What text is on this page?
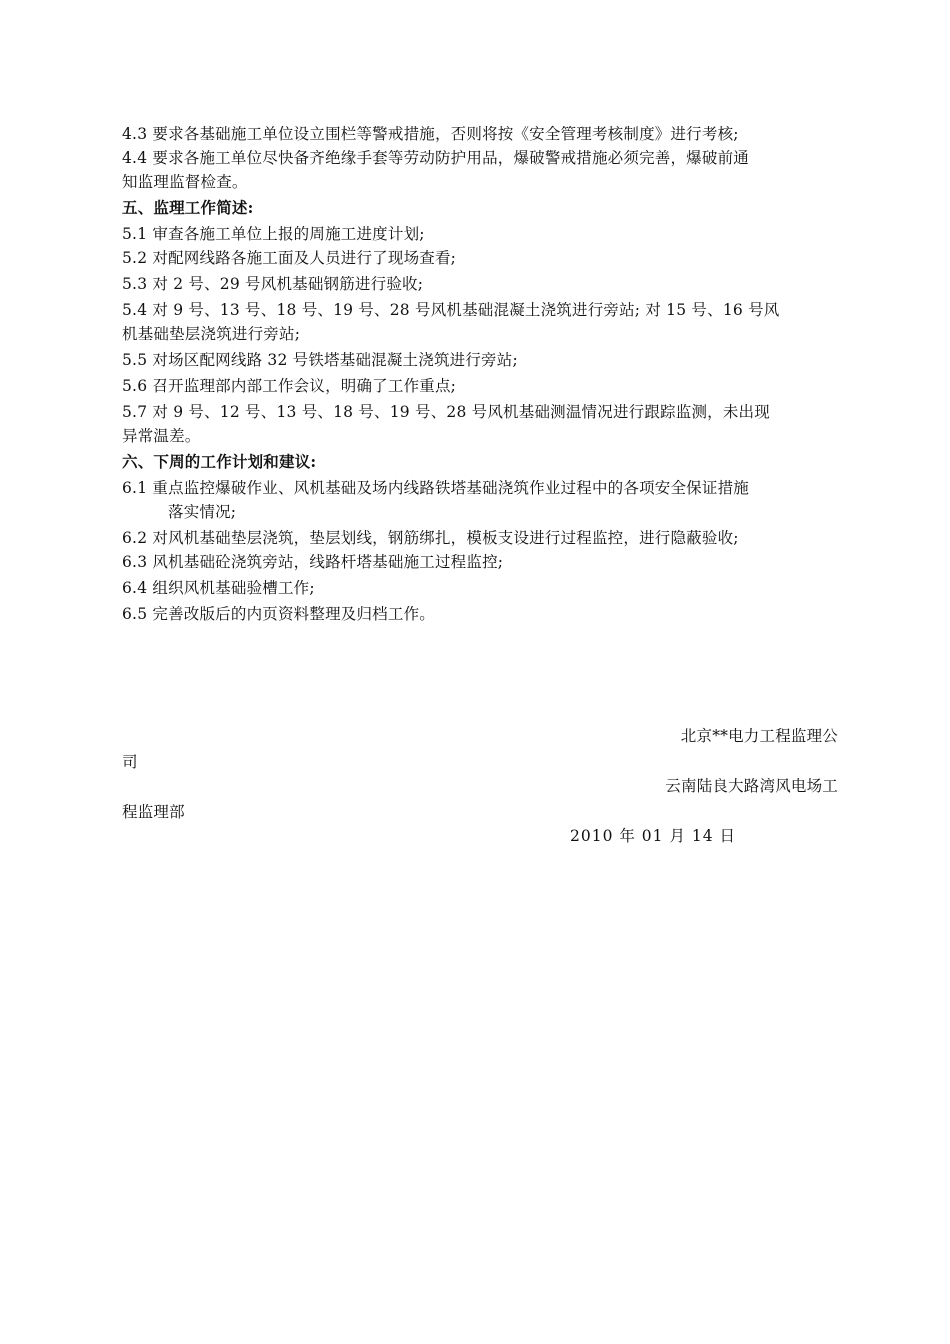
4.3 要求各基础施工单位设立围栏等警戒措施，否则将按《安全管理考核制度》进行考核;
4.4 要求各施工单位尽快备齐绝缘手套等劳动防护用品，爆破警戒措施必须完善，爆破前通
知监理监督检查。
五、监理工作简述:
5.1 审查各施工单位上报的周施工进度计划;
5.2 对配网线路各施工面及人员进行了现场查看;
5.3 对 2 号、29 号风机基础钢筋进行验收;
5.4 对 9 号、13 号、18 号、19 号、28 号风机基础混凝土浇筑进行旁站; 对 15 号、16 号风
机基础垫层浇筑进行旁站;
5.5 对场区配网线路 32 号铁塔基础混凝土浇筑进行旁站;
5.6 召开监理部内部工作会议，明确了工作重点;
5.7 对 9 号、12 号、13 号、18 号、19 号、28 号风机基础测温情况进行跟踪监测，未出现
异常温差。
六、下周的工作计划和建议:
6.1 重点监控爆破作业、风机基础及场内线路铁塔基础浇筑作业过程中的各项安全保证措施
落实情况;
6.2 对风机基础垫层浇筑，垫层划线，钢筋绑扎，模板支设进行过程监控，进行隐蔽验收;
6.3 风机基础砼浇筑旁站，线路杆塔基础施工过程监控;
6.4 组织风机基础验槽工作;
6.5 完善改版后的内页资料整理及归档工作。
北京**电力工程监理公
司
云南陆良大路湾风电场工
程监理部
2010 年 01 月 14 日
